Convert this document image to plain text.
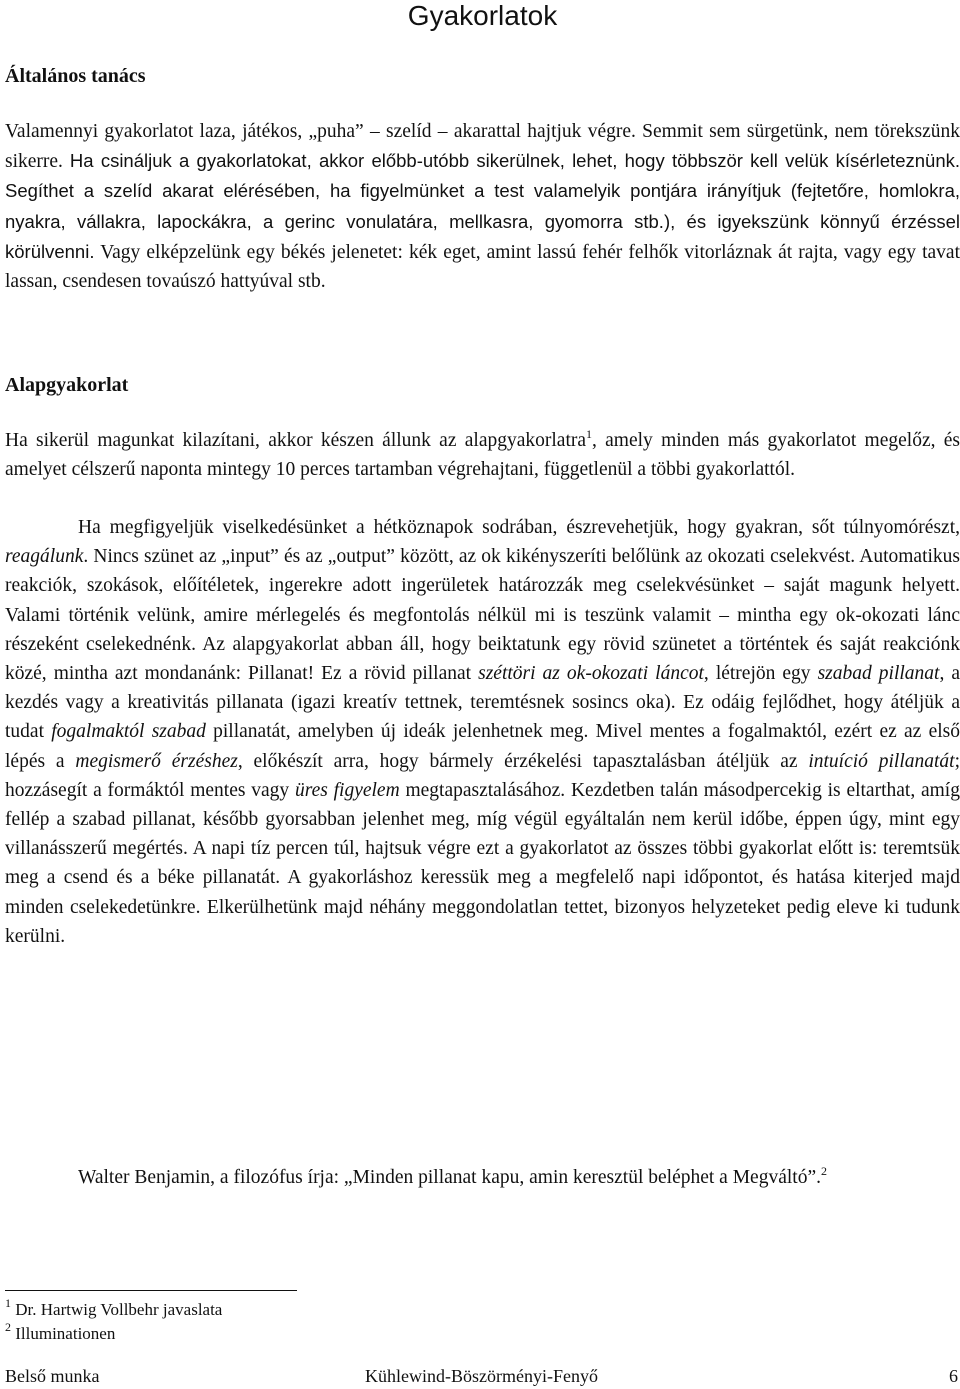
Gyakorlatok
Általános tanács

Valamennyi gyakorlatot laza, játékos, „puha” – szelíd – akarattal hajtjuk végre. Semmit sem sürgetünk, nem törekszünk sikerre. Ha csináljuk a gyakorlatokat, akkor előbb-utóbb sikerülnek, lehet, hogy többször kell velük kísérleteznünk. Segíthet a szelíd akarat elérésében, ha figyelmünket a test valamelyik pontjára irányítjuk (fejtetőre, homlokra, nyakra, vállakra, lapockákra, a gerinc vonulatára, mellkasra, gyomorra stb.), és igyekszünk könnyű érzéssel körülvenni. Vagy elképzelünk egy békés jelenetet: kék eget, amint lassú fehér felhők vitorláznak át rajta, vagy egy tavat lassan, csendesen tovaúszó hattyúval stb.

Alapgyakorlat

Ha sikerül magunkat kilazítani, akkor készen állunk az alapgyakorlatra$^1$, amely minden más gyakorlatot megelőz, és amelyet célszerű naponta mintegy 10 perces tartamban végrehajtani, függetlenül a többi gyakorlattól.

Ha megfigyeljük viselkedésünket a hétköznapok sodrában, észrevehetjük, hogy gyakran, sőt túlnyomórészt, reagálunk. Nincs szünet az „input” és az „output” között, az ok kikényszeríti belőlünk az okozati cselekvést. Automatikus reakciók, szokások, előítéletek, ingerekre adott ingerületek határozzák meg cselekvésünket – saját magunk helyett. Valami történik velünk, amire mérlegelés és megfontolás nélkül mi is teszünk valamit – mintha egy ok-okozati lánc részeként cselekednénk. Az alapgyakorlat abban áll, hogy beiktatunk egy rövid szünetet a történtek és saját reakciónk közé, mintha azt mondanánk: Pillanat! Ez a rövid pillanat széttöri az ok-okozati láncot, létrejön egy szabad pillanat, a kezdés vagy a kreativitás pillanata (igazi kreatív tettnek, teremtésnek sosincs oka). Ez odáig fejlődhet, hogy átéljük a tudat fogalmaktól szabad pillanatát, amelyben új ideák jelenhetnek meg. Mivel mentes a fogalmaktól, ezért ez az első lépés a megismerő érzéshez, előkészít arra, hogy bármely érzékelési tapasztalásban átéljük az intuíció pillanatát; hozzásegít a formáktól mentes vagy üres figyelem megtapasztalásához. Kezdetben talán másodpercekig is eltarthat, amíg fellép a szabad pillanat, később gyorsabban jelenhet meg, míg végül egyáltalán nem kerül időbe, éppen úgy, mint egy villanásszerű megértés. A napi tíz percen túl, hajtsuk végre ezt a gyakorlatot az összes többi gyakorlat előtt is: teremtsük meg a csend és a béke pillanatát. A gyakorláshoz keressük meg a megfelelő napi időpontot, és hatása kiterjed majd minden cselekedetünkre. Elkerülhetünk majd néhány meggondolatlan tettet, bizonyos helyzeteket pedig eleve ki tudunk kerülni.

Walter Benjamin, a filozófus írja: „Minden pillanat kapu, amin keresztül beléphet a Megváltó”.$^2$

$^1$ Dr. Hartwig Vollbehr javaslata
$^2$ Illuminationen
Belső munka	Kühlewind-Böszörményi-Fenyő	6
